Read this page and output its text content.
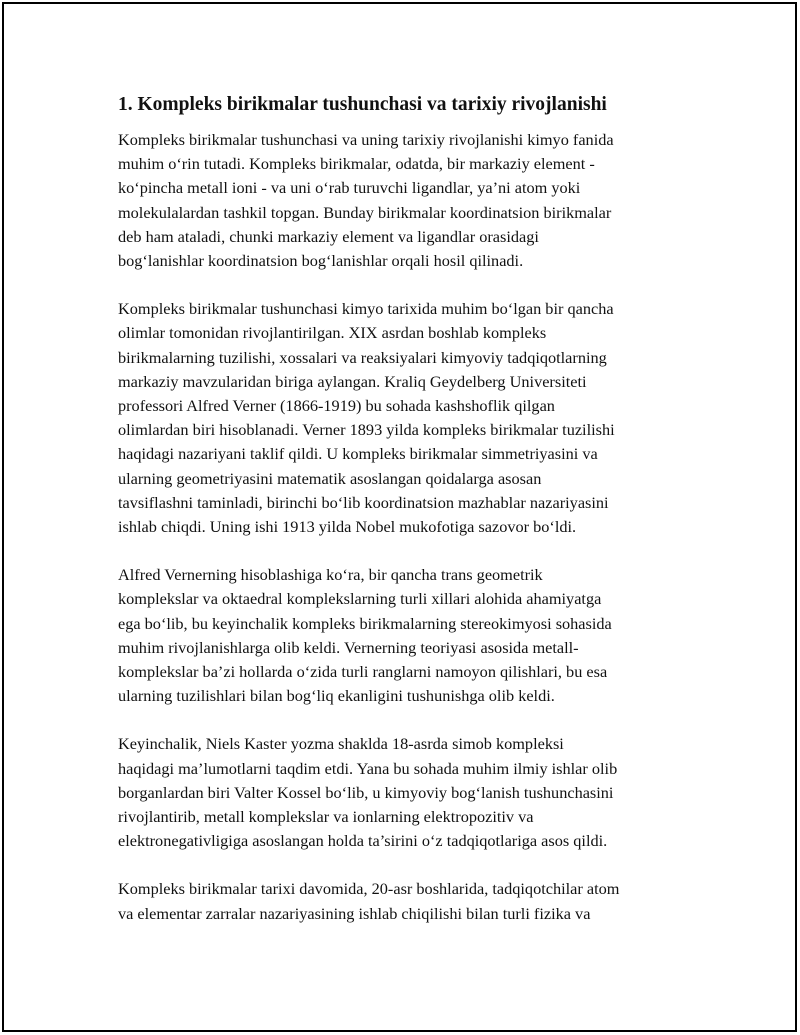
1. Kompleks birikmalar tushunchasi va tarixiy rivojlanishi
Kompleks birikmalar tushunchasi va uning tarixiy rivojlanishi kimyo fanida
muhim o‘rin tutadi. Kompleks birikmalar, odatda, bir markaziy element -
ko‘pincha metall ioni - va uni o‘rab turuvchi ligandlar, ya’ni atom yoki
molekulalardan tashkil topgan. Bunday birikmalar koordinatsion birikmalar
deb ham ataladi, chunki markaziy element va ligandlar orasidagi
bog‘lanishlar koordinatsion bog‘lanishlar orqali hosil qilinadi.
Kompleks birikmalar tushunchasi kimyo tarixida muhim bo‘lgan bir qancha
olimlar tomonidan rivojlantirilgan. XIX asrdan boshlab kompleks
birikmalarning tuzilishi, xossalari va reaksiyalari kimyoviy tadqiqotlarning
markaziy mavzularidan biriga aylangan. Kraliq Geydelberg Universiteti
professori Alfred Verner (1866-1919) bu sohada kashshoflik qilgan
olimlardan biri hisoblanadi. Verner 1893 yilda kompleks birikmalar tuzilishi
haqidagi nazariyani taklif qildi. U kompleks birikmalar simmetriyasini va
ularning geometriyasini matematik asoslangan qoidalarga asosan
tavsiflashni taminladi, birinchi bo‘lib koordinatsion mazhablar nazariyasini
ishlab chiqdi. Uning ishi 1913 yilda Nobel mukofotiga sazovor bo‘ldi.
Alfred Vernerning hisoblashiga ko‘ra, bir qancha trans geometrik
komplekslar va oktaedral komplekslarning turli xillari alohida ahamiyatga
ega bo‘lib, bu keyinchalik kompleks birikmalarning stereokimyosi sohasida
muhim rivojlanishlarga olib keldi. Vernerning teoriyasi asosida metall-
komplekslar ba’zi hollarda o‘zida turli ranglarni namoyon qilishlari, bu esa
ularning tuzilishlari bilan bog‘liq ekanligini tushunishga olib keldi.
Keyinchalik, Niels Kaster yozma shaklda 18-asrda simob kompleksi
haqidagi ma’lumotlarni taqdim etdi. Yana bu sohada muhim ilmiy ishlar olib
borganlardan biri Valter Kossel bo‘lib, u kimyoviy bog‘lanish tushunchasini
rivojlantirib, metall komplekslar va ionlarning elektropozitiv va
elektronegativligiga asoslangan holda ta’sirini o‘z tadqiqotlariga asos qildi.
Kompleks birikmalar tarixi davomida, 20-asr boshlarida, tadqiqotchilar atom
va elementar zarralar nazariyasining ishlab chiqilishi bilan turli fizika va
